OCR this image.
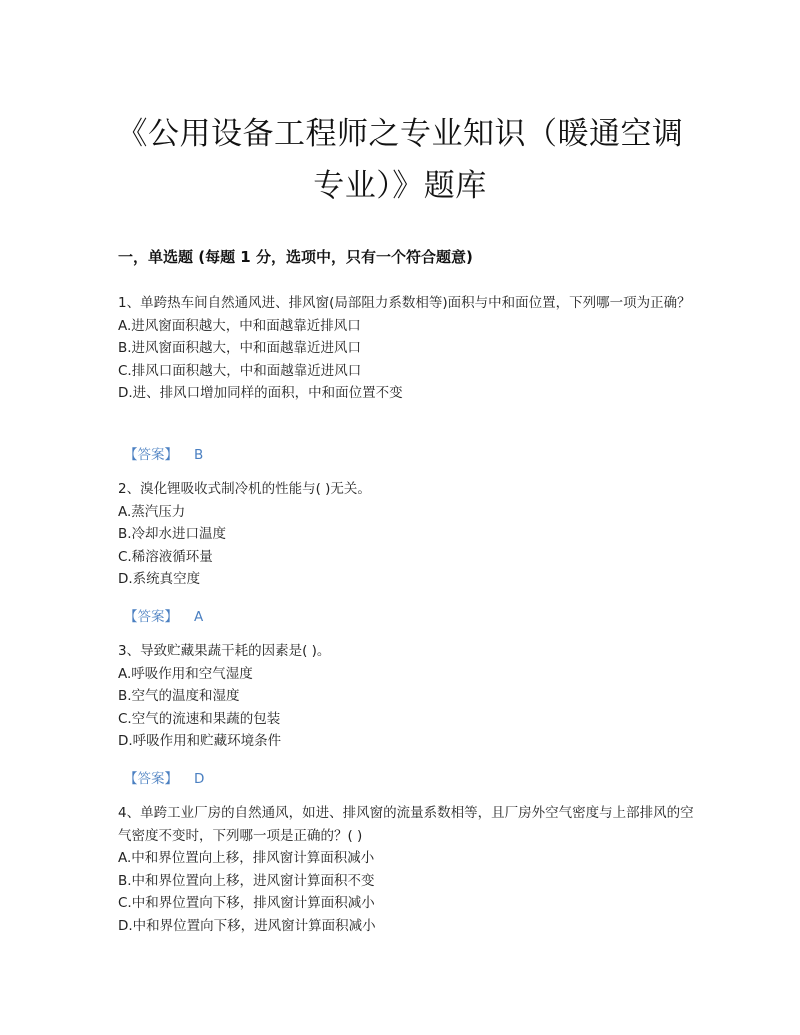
《公用设备工程师之专业知识（暖通空调专业）》题库
一，单选题 (每题 1 分，选项中，只有一个符合题意)

1、单跨热车间自然通风进、排风窗(局部阻力系数相等)面积与中和面位置，下列哪一项为正确？

A.进风窗面积越大，中和面越靠近排风口

B.进风窗面积越大，中和面越靠近进风口

C.排风口面积越大，中和面越靠近进风口

D.进、排风口增加同样的面积，中和面位置不变

【答案】 B

2、溴化锂吸收式制冷机的性能与( )无关。

A.蒸汽压力

B.冷却水进口温度

C.稀溶液循环量

D.系统真空度

【答案】 A

3、导致贮藏果蔬干耗的因素是( )。

A.呼吸作用和空气湿度

B.空气的温度和湿度

C.空气的流速和果蔬的包装

D.呼吸作用和贮藏环境条件

【答案】 D

4、单跨工业厂房的自然通风，如进、排风窗的流量系数相等，且厂房外空气密度与上部排风的空气密度不变时，下列哪一项是正确的？( )

A.中和界位置向上移，排风窗计算面积减小

B.中和界位置向上移，进风窗计算面积不变

C.中和界位置向下移，排风窗计算面积减小

D.中和界位置向下移，进风窗计算面积减小
